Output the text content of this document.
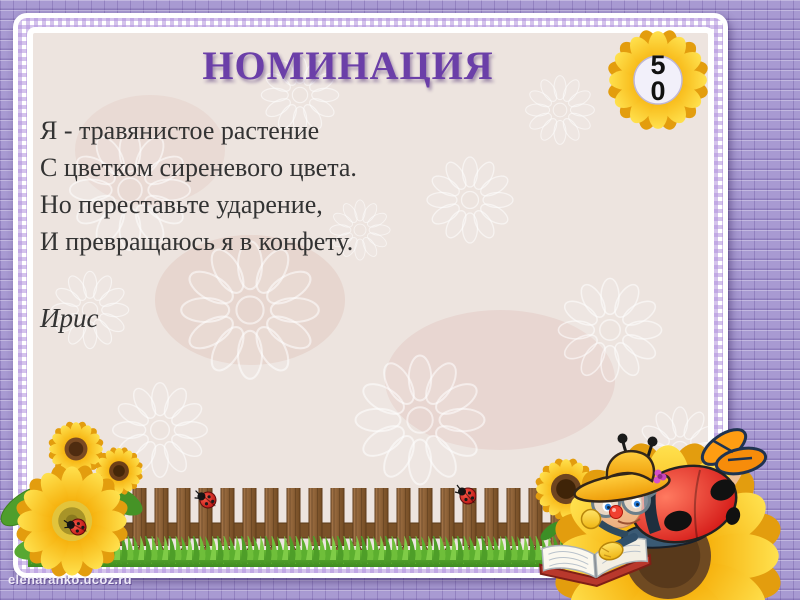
5
0
НОМИНАЦИЯ

Я - травянистое растение

С цветком сиреневого цвета.

Но переставьте ударение,

И превращаюсь я в конфету.

Ирис
elenaranko.ucoz.ru
